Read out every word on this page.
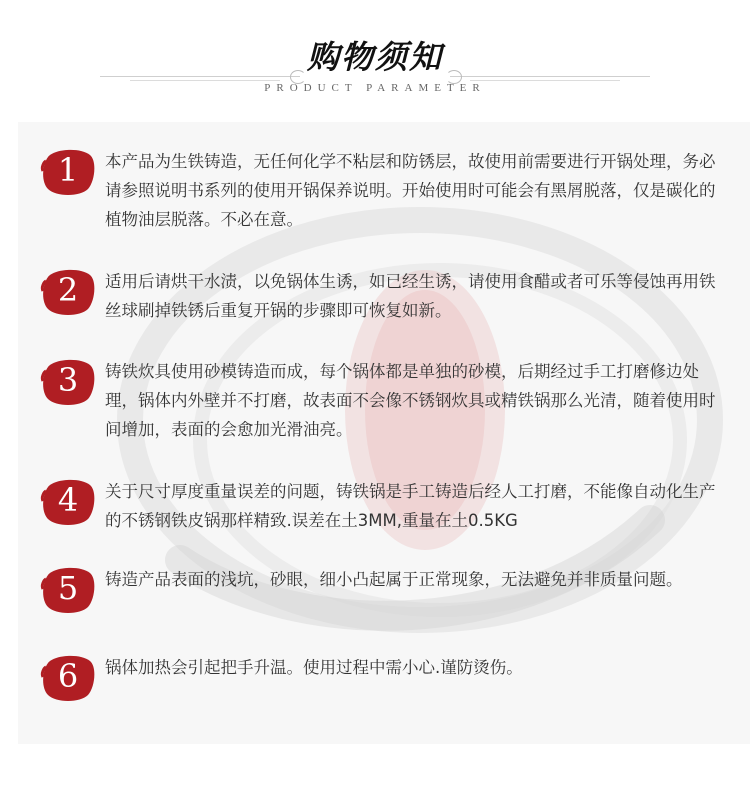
购物须知
PRODUCT PARAMETER
1	本产品为生铁铸造，无任何化学不粘层和防锈层，故使用前需要进行开锅处理，务必请参照说明书系列的使用开锅保养说明。开始使用时可能会有黑屑脱落，仅是碳化的植物油层脱落。不必在意。
2	适用后请烘干水渍，以免锅体生诱，如已经生诱，请使用食醋或者可乐等侵蚀再用铁丝球刷掉铁锈后重复开锅的步骤即可恢复如新。
3	铸铁炊具使用砂模铸造而成，每个锅体都是单独的砂模，后期经过手工打磨修边处理，锅体内外壁并不打磨，故表面不会像不锈钢炊具或精铁锅那么光清，随着使用时间增加，表面的会愈加光滑油亮。
4	关于尺寸厚度重量误差的问题，铸铁锅是手工铸造后经人工打磨，不能像自动化生产的不锈钢铁皮锅那样精致.误差在土3MM,重量在土0.5KG
5	铸造产品表面的浅坑，砂眼，细小凸起属于正常现象，无法避免并非质量问题。
6	锅体加热会引起把手升温。使用过程中需小心.谨防烫伤。
